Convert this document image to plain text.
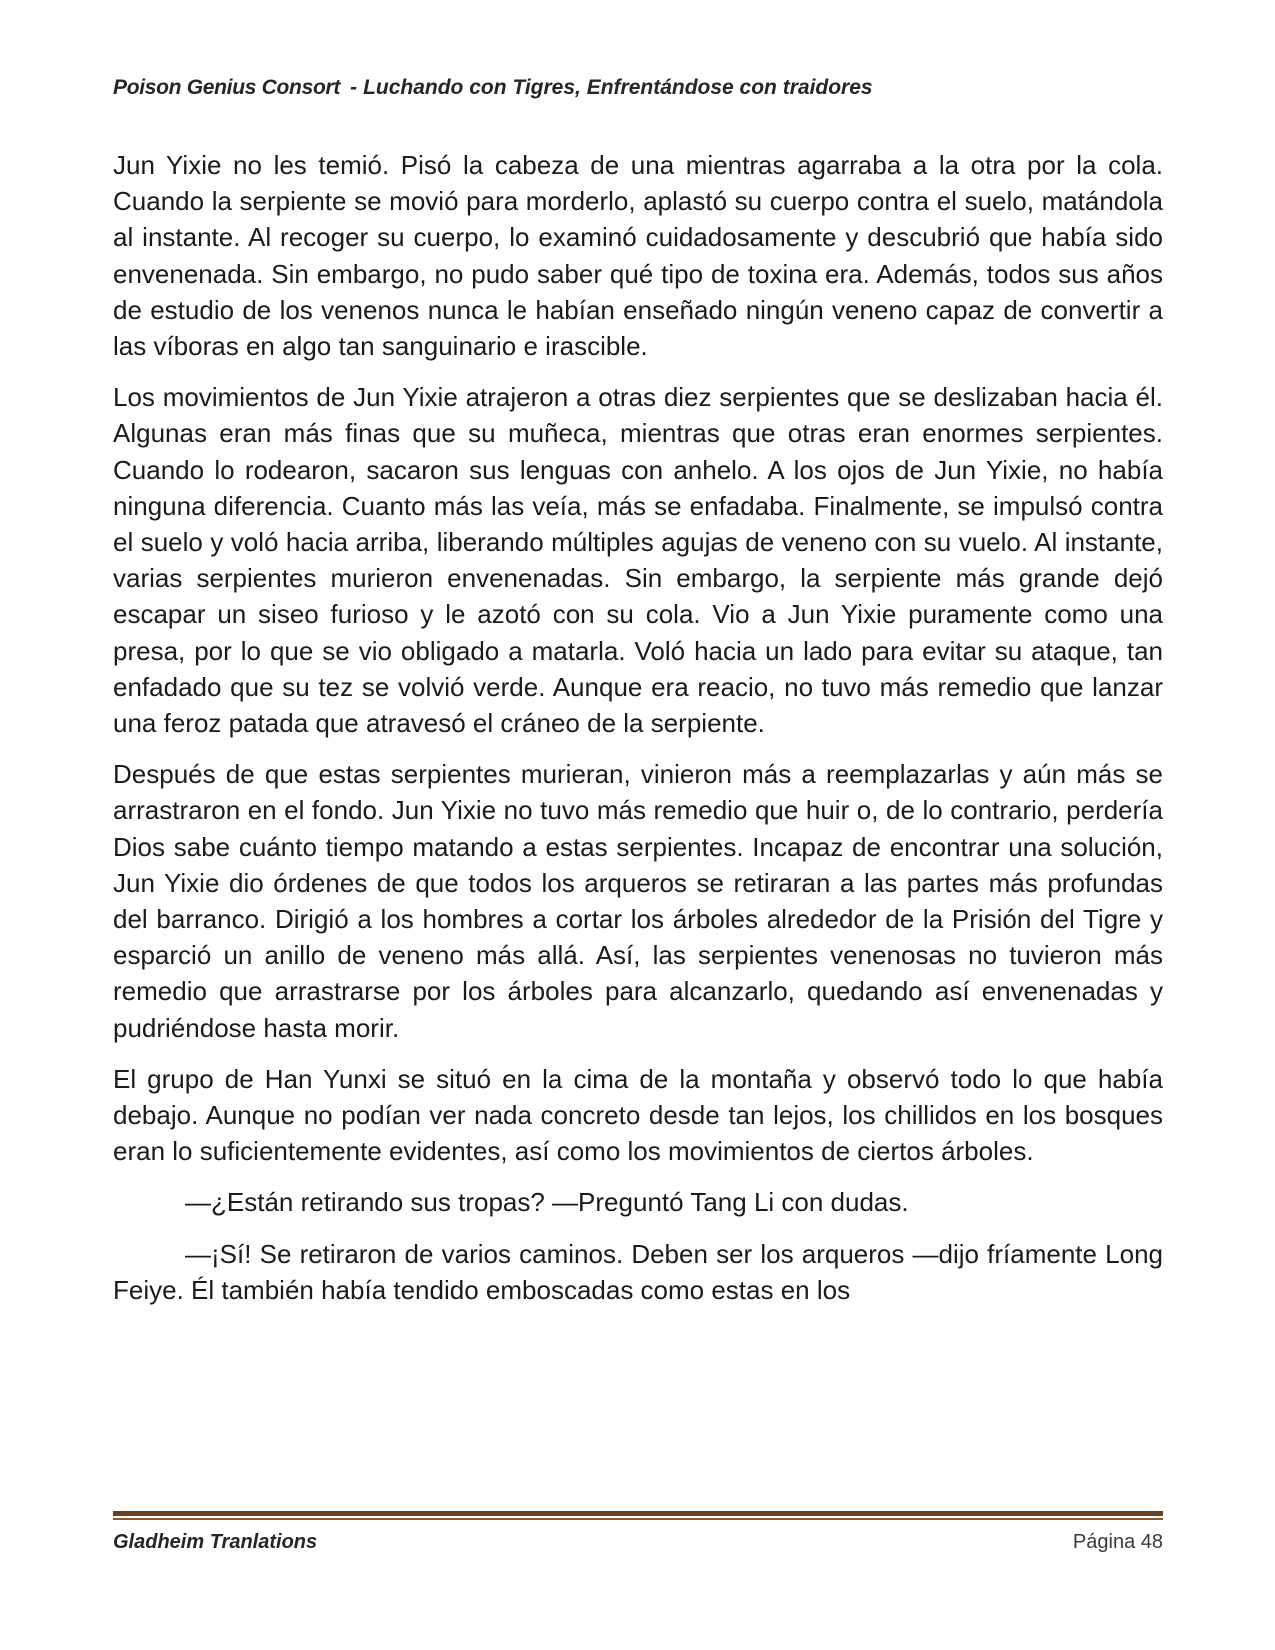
Poison Genius Consort - Luchando con Tigres, Enfrentándose con traidores

Jun Yixie no les temió. Pisó la cabeza de una mientras agarraba a la otra por la cola. Cuando la serpiente se movió para morderlo, aplastó su cuerpo contra el suelo, matándola al instante. Al recoger su cuerpo, lo examinó cuidadosamente y descubrió que había sido envenenada. Sin embargo, no pudo saber qué tipo de toxina era. Además, todos sus años de estudio de los venenos nunca le habían enseñado ningún veneno capaz de convertir a las víboras en algo tan sanguinario e irascible.

Los movimientos de Jun Yixie atrajeron a otras diez serpientes que se deslizaban hacia él. Algunas eran más finas que su muñeca, mientras que otras eran enormes serpientes. Cuando lo rodearon, sacaron sus lenguas con anhelo. A los ojos de Jun Yixie, no había ninguna diferencia. Cuanto más las veía, más se enfadaba. Finalmente, se impulsó contra el suelo y voló hacia arriba, liberando múltiples agujas de veneno con su vuelo. Al instante, varias serpientes murieron envenenadas. Sin embargo, la serpiente más grande dejó escapar un siseo furioso y le azotó con su cola. Vio a Jun Yixie puramente como una presa, por lo que se vio obligado a matarla. Voló hacia un lado para evitar su ataque, tan enfadado que su tez se volvió verde. Aunque era reacio, no tuvo más remedio que lanzar una feroz patada que atravesó el cráneo de la serpiente.

Después de que estas serpientes murieran, vinieron más a reemplazarlas y aún más se arrastraron en el fondo. Jun Yixie no tuvo más remedio que huir o, de lo contrario, perdería Dios sabe cuánto tiempo matando a estas serpientes. Incapaz de encontrar una solución, Jun Yixie dio órdenes de que todos los arqueros se retiraran a las partes más profundas del barranco. Dirigió a los hombres a cortar los árboles alrededor de la Prisión del Tigre y esparció un anillo de veneno más allá. Así, las serpientes venenosas no tuvieron más remedio que arrastrarse por los árboles para alcanzarlo, quedando así envenenadas y pudriéndose hasta morir.

El grupo de Han Yunxi se situó en la cima de la montaña y observó todo lo que había debajo. Aunque no podían ver nada concreto desde tan lejos, los chillidos en los bosques eran lo suficientemente evidentes, así como los movimientos de ciertos árboles.

—¿Están retirando sus tropas? —Preguntó Tang Li con dudas.

—¡Sí! Se retiraron de varios caminos. Deben ser los arqueros —dijo fríamente Long Feiye. Él también había tendido emboscadas como estas en los

Gladheim Tranlations	Página 48
